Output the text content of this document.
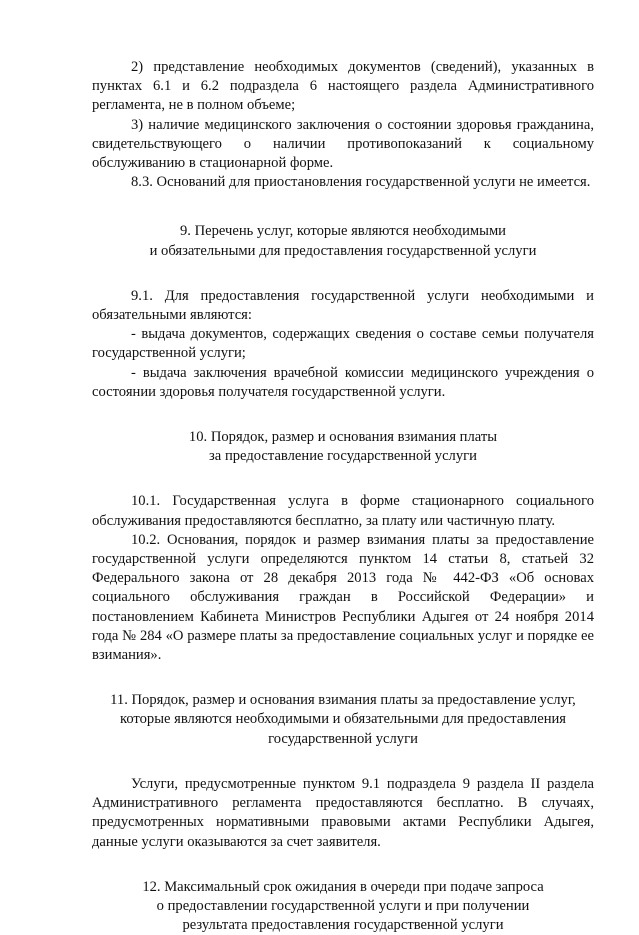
2) представление необходимых документов (сведений), указанных в пунктах 6.1 и 6.2 подраздела 6 настоящего раздела Административного регламента, не в полном объеме;

3) наличие медицинского заключения о состоянии здоровья гражданина, свидетельствующего о наличии противопоказаний к социальному обслуживанию в стационарной форме.

8.3. Оснований для приостановления государственной услуги не имеется.

9. Перечень услуг, которые являются необходимыми
и обязательными для предоставления государственной услуги

9.1. Для предоставления государственной услуги необходимыми и обязательными являются:

- выдача документов, содержащих сведения о составе семьи получателя государственной услуги;

- выдача заключения врачебной комиссии медицинского учреждения о состоянии здоровья получателя государственной услуги.

10. Порядок, размер и основания взимания платы
за предоставление государственной услуги

10.1. Государственная услуга в форме стационарного социального обслуживания предоставляются бесплатно, за плату или частичную плату.

10.2. Основания, порядок и размер взимания платы за предоставление государственной услуги определяются пунктом 14 статьи 8, статьей 32 Федерального закона от 28 декабря 2013 года № 442-ФЗ «Об основах социального обслуживания граждан в Российской Федерации» и постановлением Кабинета Министров Республики Адыгея от 24 ноября 2014 года № 284 «О размере платы за предоставление социальных услуг и порядке ее взимания».

11. Порядок, размер и основания взимания платы за предоставление услуг,
которые являются необходимыми и обязательными для предоставления
государственной услуги

Услуги, предусмотренные пунктом 9.1 подраздела 9 раздела II раздела Административного регламента предоставляются бесплатно. В случаях, предусмотренных нормативными правовыми актами Республики Адыгея, данные услуги оказываются за счет заявителя.

12. Максимальный срок ожидания в очереди при подаче запроса
о предоставлении государственной услуги и при получении
результата предоставления государственной услуги
